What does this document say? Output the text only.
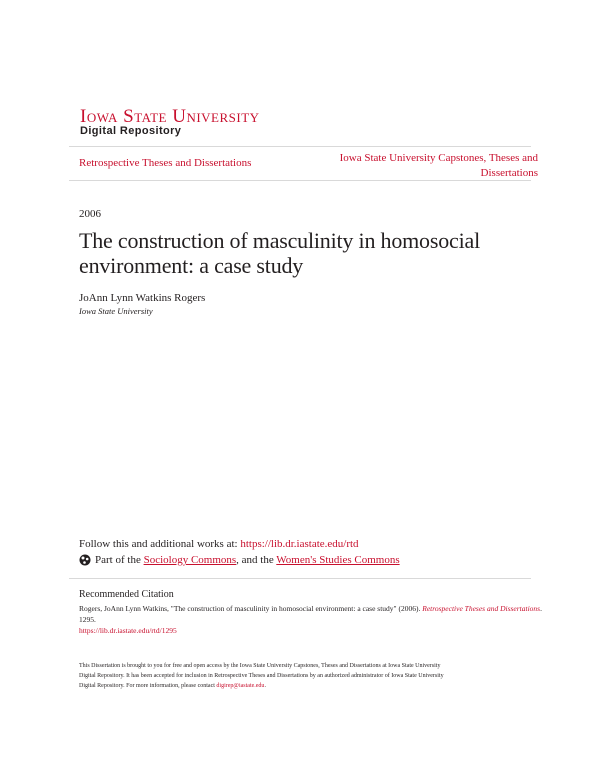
Iowa State University
Digital Repository
Retrospective Theses and Dissertations	Iowa State University Capstones, Theses and
Dissertations
2006
The construction of masculinity in homosocial
environment: a case study
JoAnn Lynn Watkins Rogers
Iowa State University
Follow this and additional works at: https://lib.dr.iastate.edu/rtd
Part of the Sociology Commons, and the Women's Studies Commons
Recommended Citation
Rogers, JoAnn Lynn Watkins, "The construction of masculinity in homosocial environment: a case study" (2006). Retrospective Theses and Dissertations. 1295.
https://lib.dr.iastate.edu/rtd/1295
This Dissertation is brought to you for free and open access by the Iowa State University Capstones, Theses and Dissertations at Iowa State University
Digital Repository. It has been accepted for inclusion in Retrospective Theses and Dissertations by an authorized administrator of Iowa State University
Digital Repository. For more information, please contact digirep@iastate.edu.
